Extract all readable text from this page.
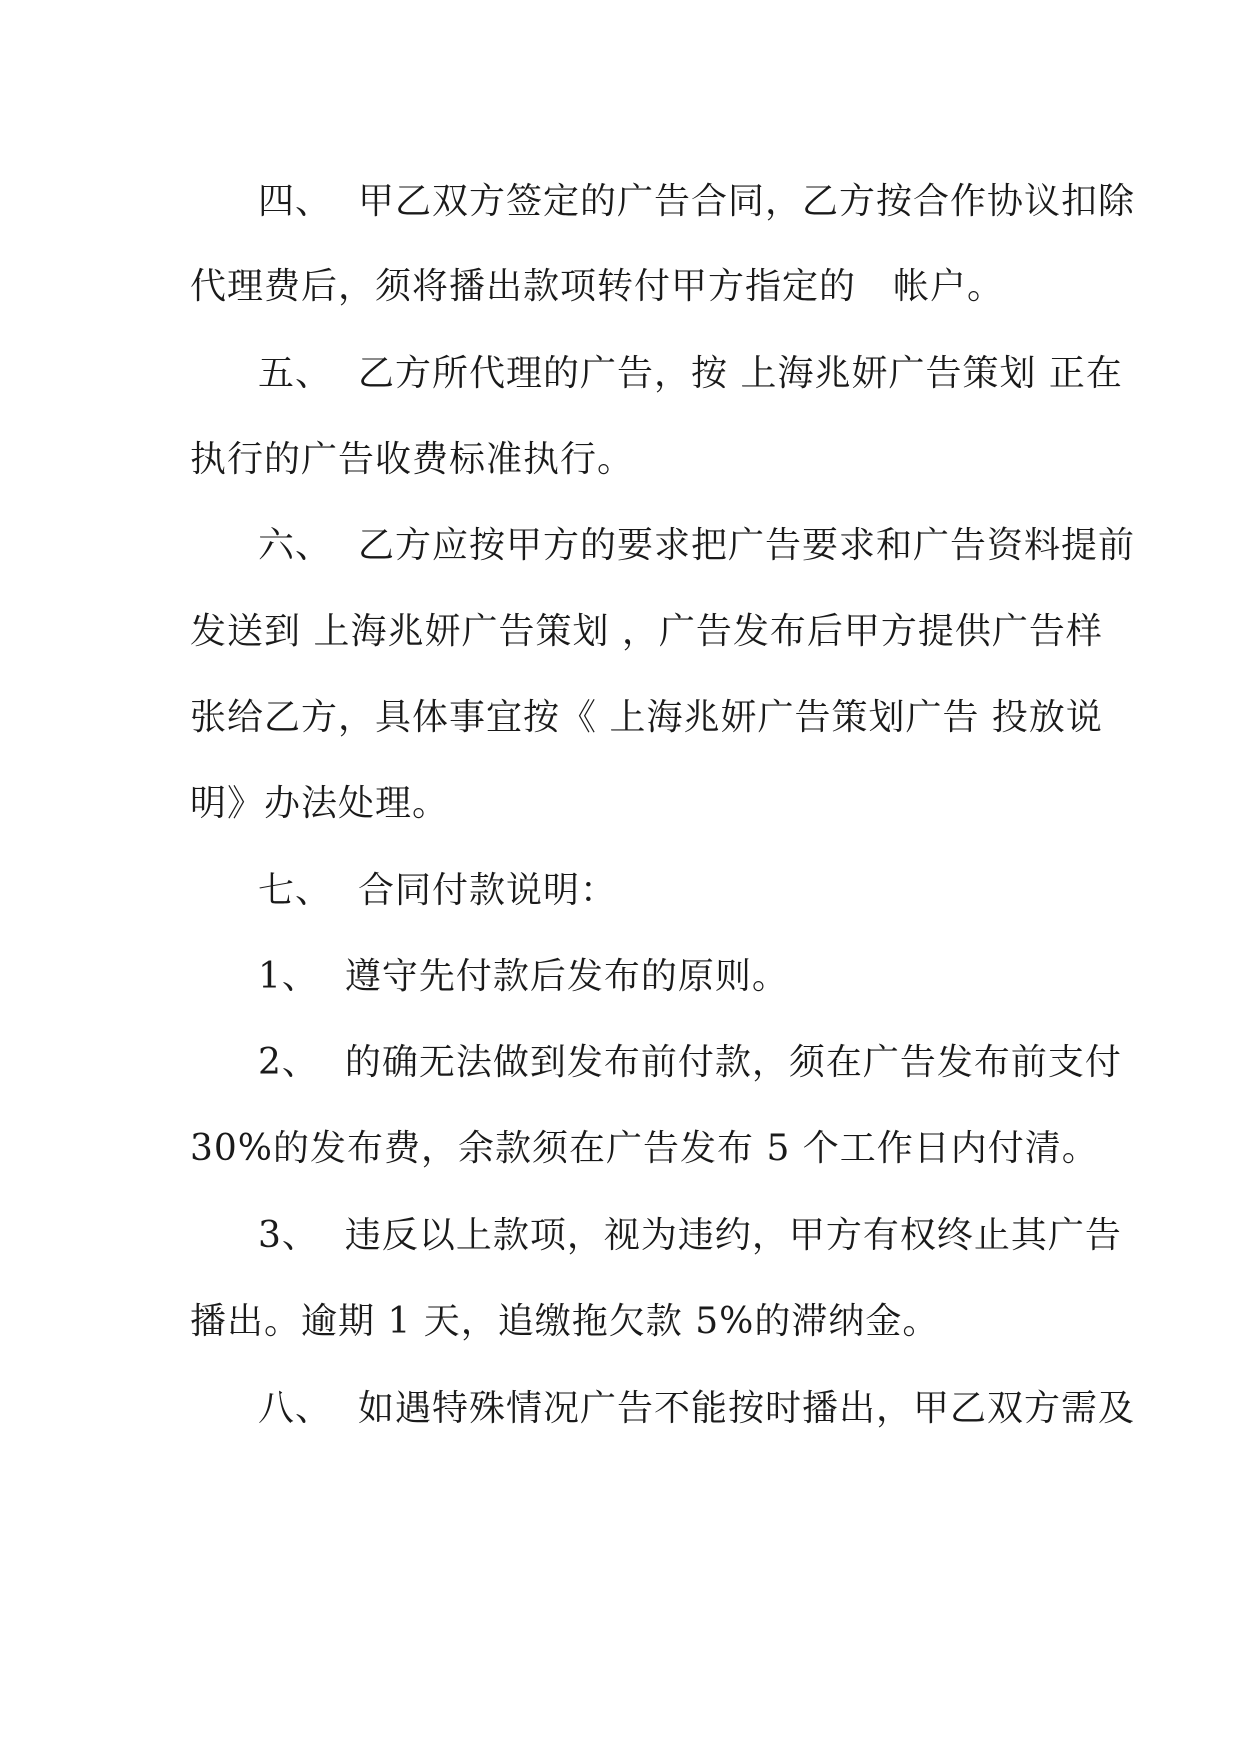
四、 甲乙双方签定的广告合同，乙方按合作协议扣除
代理费后，须将播出款项转付甲方指定的　帐户。
五、 乙方所代理的广告，按 上海兆妍广告策划 正在
执行的广告收费标准执行。
六、 乙方应按甲方的要求把广告要求和广告资料提前
发送到 上海兆妍广告策划 ，广告发布后甲方提供广告样
张给乙方，具体事宜按《 上海兆妍广告策划广告 投放说
明》办法处理。
七、 合同付款说明：
1、 遵守先付款后发布的原则。
2、 的确无法做到发布前付款，须在广告发布前支付
30%的发布费，余款须在广告发布 5 个工作日内付清。
3、 违反以上款项，视为违约，甲方有权终止其广告
播出。逾期 1 天，追缴拖欠款 5%的滞纳金。
八、 如遇特殊情况广告不能按时播出，甲乙双方需及
